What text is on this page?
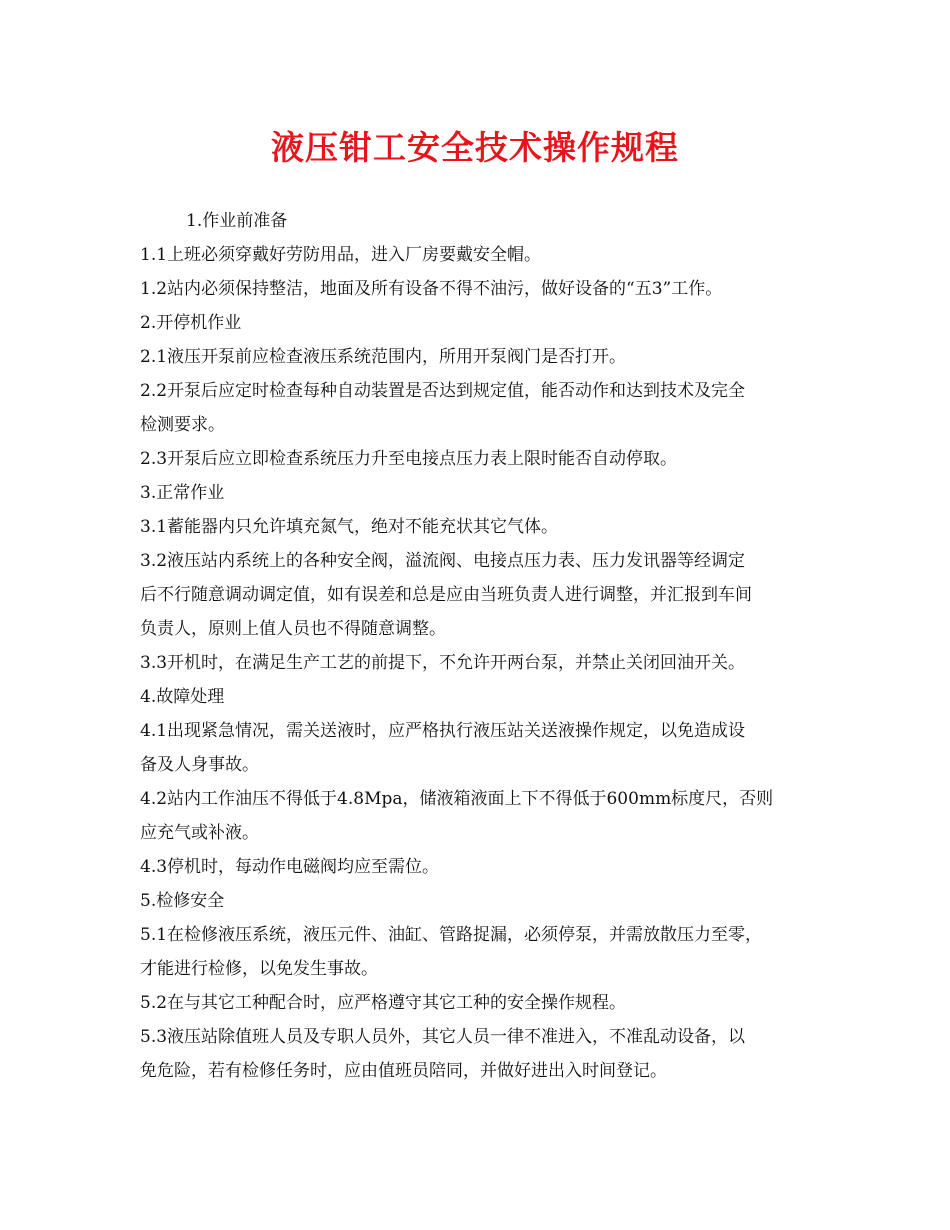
液压钳工安全技术操作规程
1.作业前准备
1.1上班必须穿戴好劳防用品，进入厂房要戴安全帽。
1.2站内必须保持整洁，地面及所有设备不得不油污，做好设备的“五3”工作。
2.开停机作业
2.1液压开泵前应检查液压系统范围内，所用开泵阀门是否打开。
2.2开泵后应定时检查每种自动装置是否达到规定值，能否动作和达到技术及完全
检测要求。
2.3开泵后应立即检查系统压力升至电接点压力表上限时能否自动停取。
3.正常作业
3.1蓄能器内只允许填充氮气，绝对不能充状其它气体。
3.2液压站内系统上的各种安全阀，溢流阀、电接点压力表、压力发讯器等经调定
后不行随意调动调定值，如有误差和总是应由当班负责人进行调整，并汇报到车间
负责人，原则上值人员也不得随意调整。
3.3开机时，在满足生产工艺的前提下，不允许开两台泵，并禁止关闭回油开关。
4.故障处理
4.1出现紧急情况，需关送液时，应严格执行液压站关送液操作规定，以免造成设
备及人身事故。
4.2站内工作油压不得低于4.8Mpa，储液箱液面上下不得低于600mm标度尺，否则
应充气或补液。
4.3停机时，每动作电磁阀均应至需位。
5.检修安全
5.1在检修液压系统，液压元件、油缸、管路捉漏，必须停泵，并需放散压力至零，
才能进行检修，以免发生事故。
5.2在与其它工种配合时，应严格遵守其它工种的安全操作规程。
5.3液压站除值班人员及专职人员外，其它人员一律不准进入，不准乱动设备，以
免危险，若有检修任务时，应由值班员陪同，并做好进出入时间登记。
